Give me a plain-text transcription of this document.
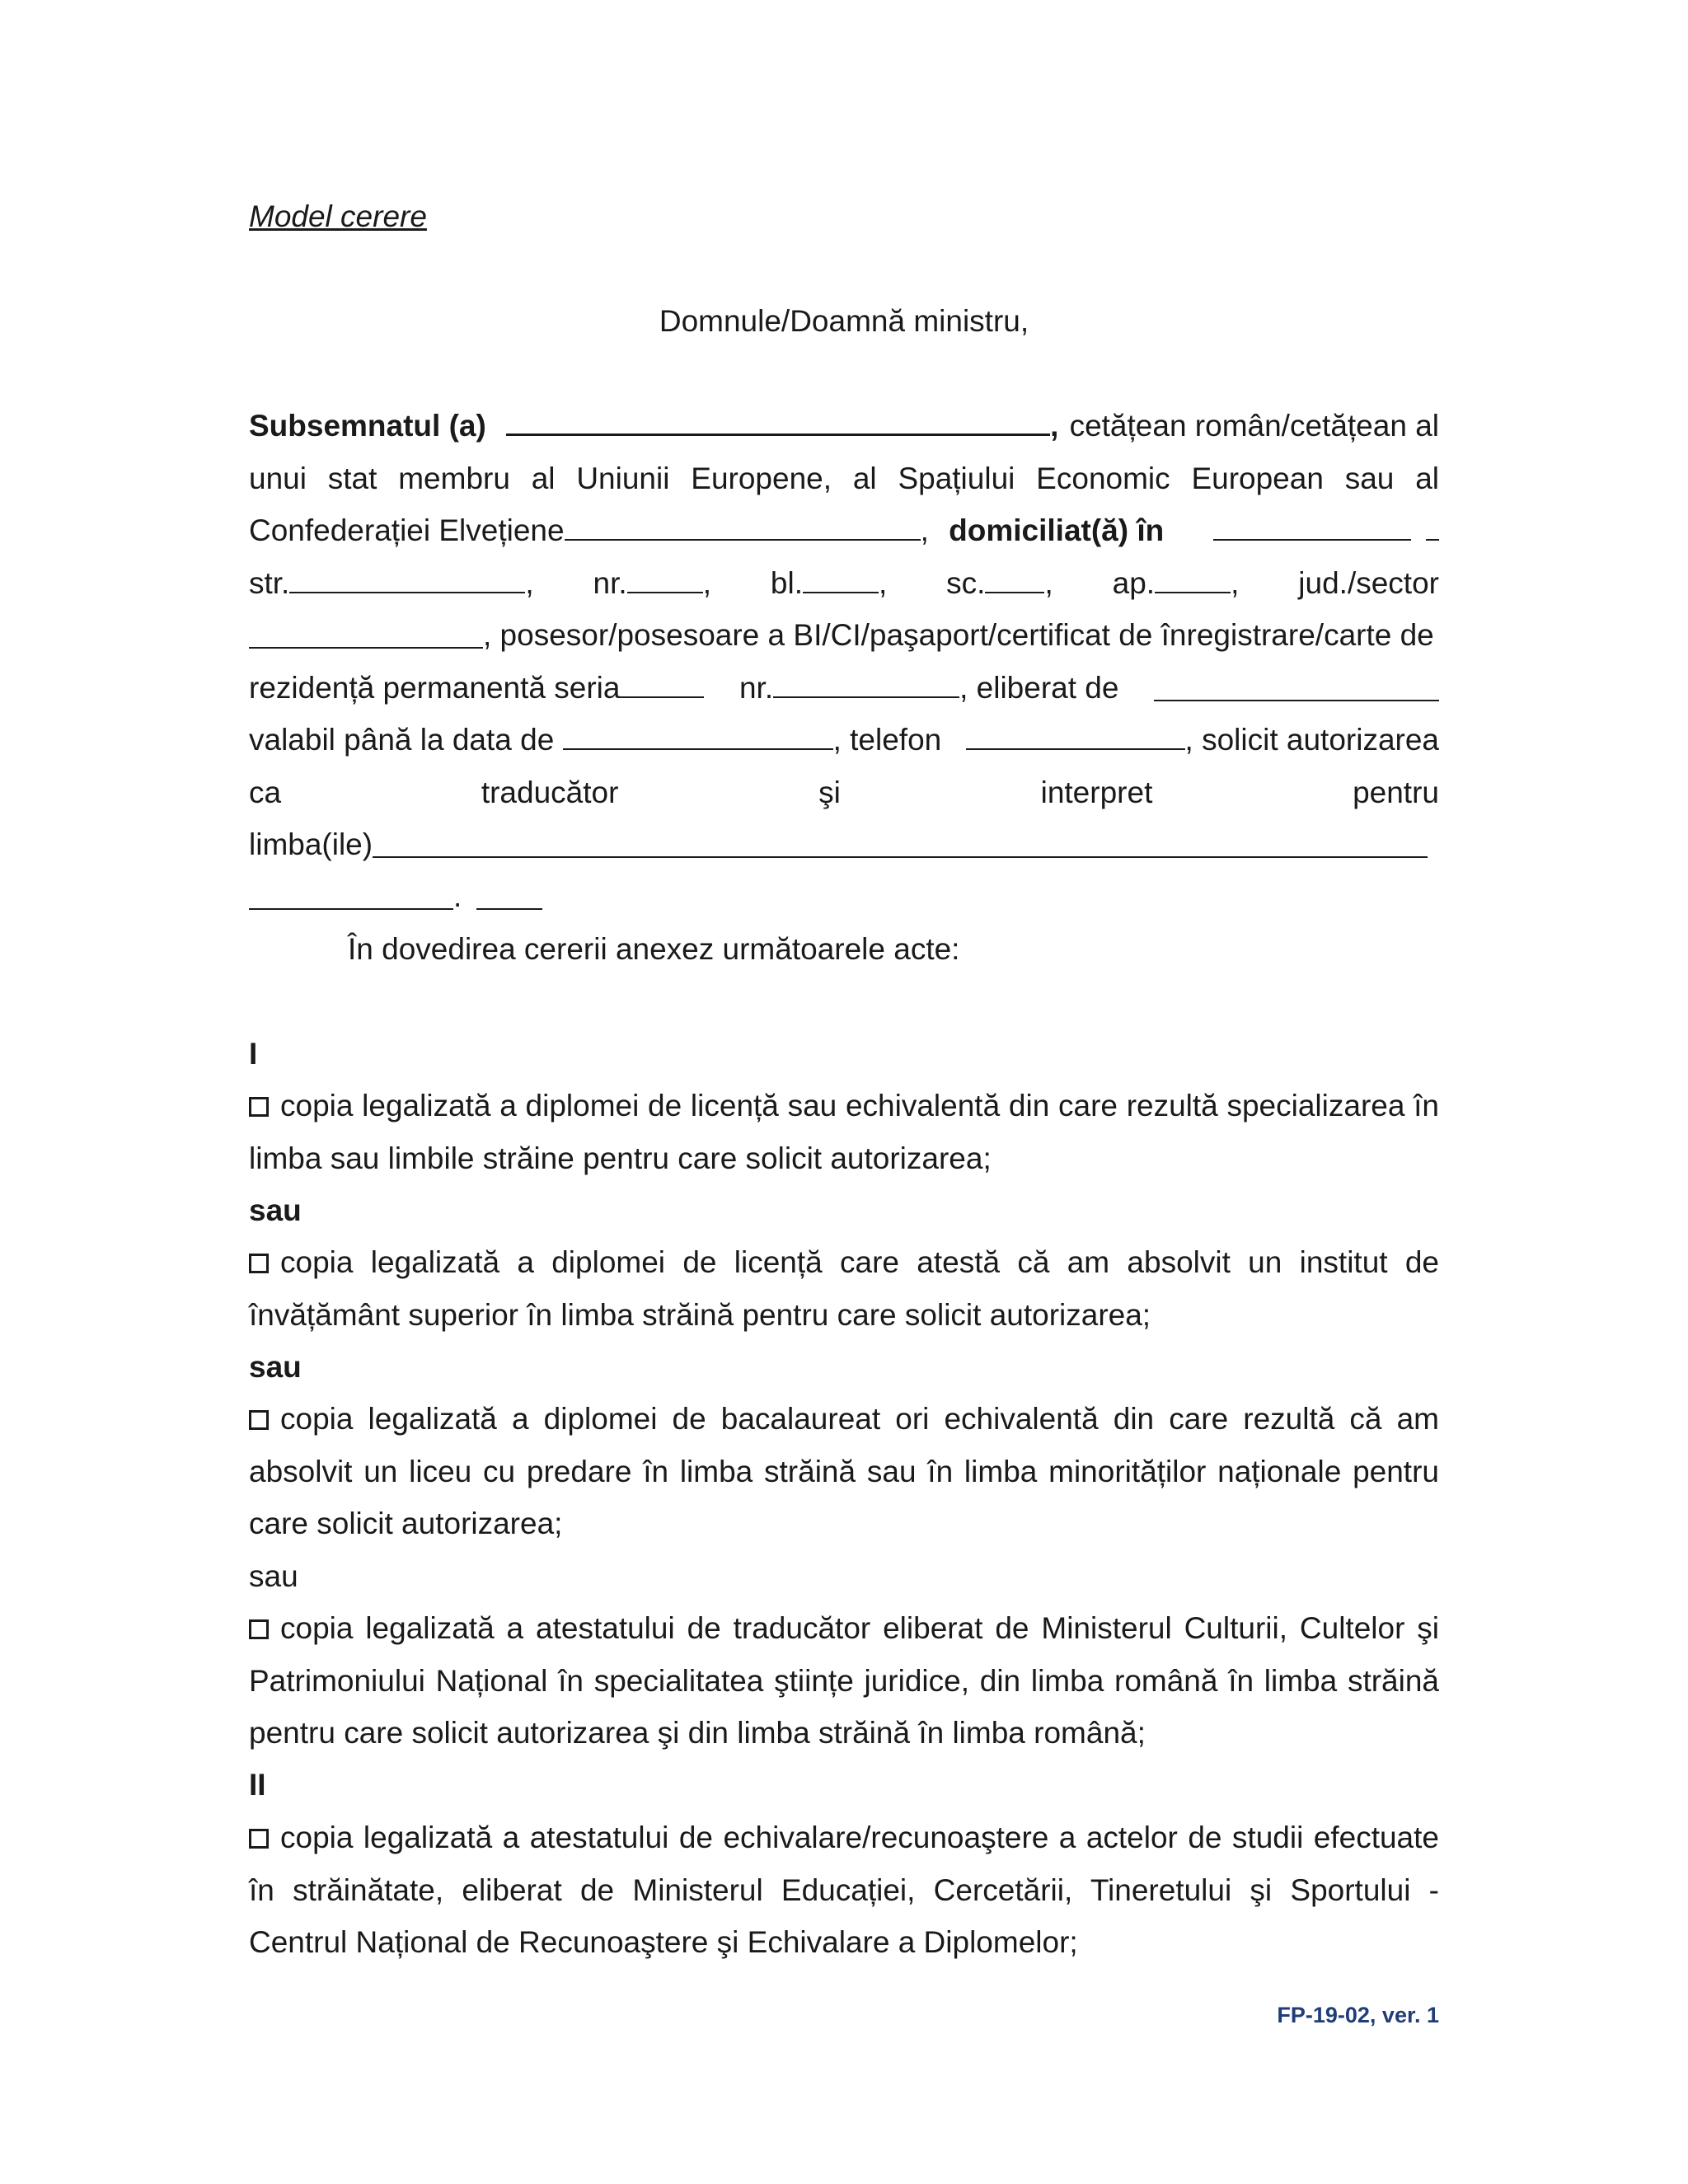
Model cerere
Domnule/Doamnă ministru,
Subsemnatul (a)	, cetățean român/cetățean al
unui stat membru al Uniunii Europene, al Spațiului Economic European sau al
Confederației Elvețiene	, domiciliat(ă) în

str.	, nr. , bl. , sc. , ap. , jud./sector
, posesor/posesoare a BI/CI/paşaport/certificat de înregistrare/carte de
rezidență permanentă seria	nr.	, eliberat de
valabil până la data de	, telefon	, solicit autorizarea
ca	traducător	şi	interpret	pentru
limba(ile)
.
În dovedirea cererii anexez următoarele acte:
I
copia legalizată a diplomei de licență sau echivalentă din care rezultă specializarea în limba sau limbile străine pentru care solicit autorizarea;
sau
copia legalizată a diplomei de licență care atestă că am absolvit un institut de învățământ superior în limba străină pentru care solicit autorizarea;
sau
copia legalizată a diplomei de bacalaureat ori echivalentă din care rezultă că am absolvit un liceu cu predare în limba străină sau în limba minorităților naționale pentru care solicit autorizarea;
sau
copia legalizată a atestatului de traducător eliberat de Ministerul Culturii, Cultelor şi Patrimoniului Național în specialitatea ştiințe juridice, din limba română în limba străină pentru care solicit autorizarea şi din limba străină în limba română;
II
copia legalizată a atestatului de echivalare/recunoaştere a actelor de studii efectuate în străinătate, eliberat de Ministerul Educației, Cercetării, Tineretului şi Sportului - Centrul Național de Recunoaştere şi Echivalare a Diplomelor;
FP-19-02, ver. 1
